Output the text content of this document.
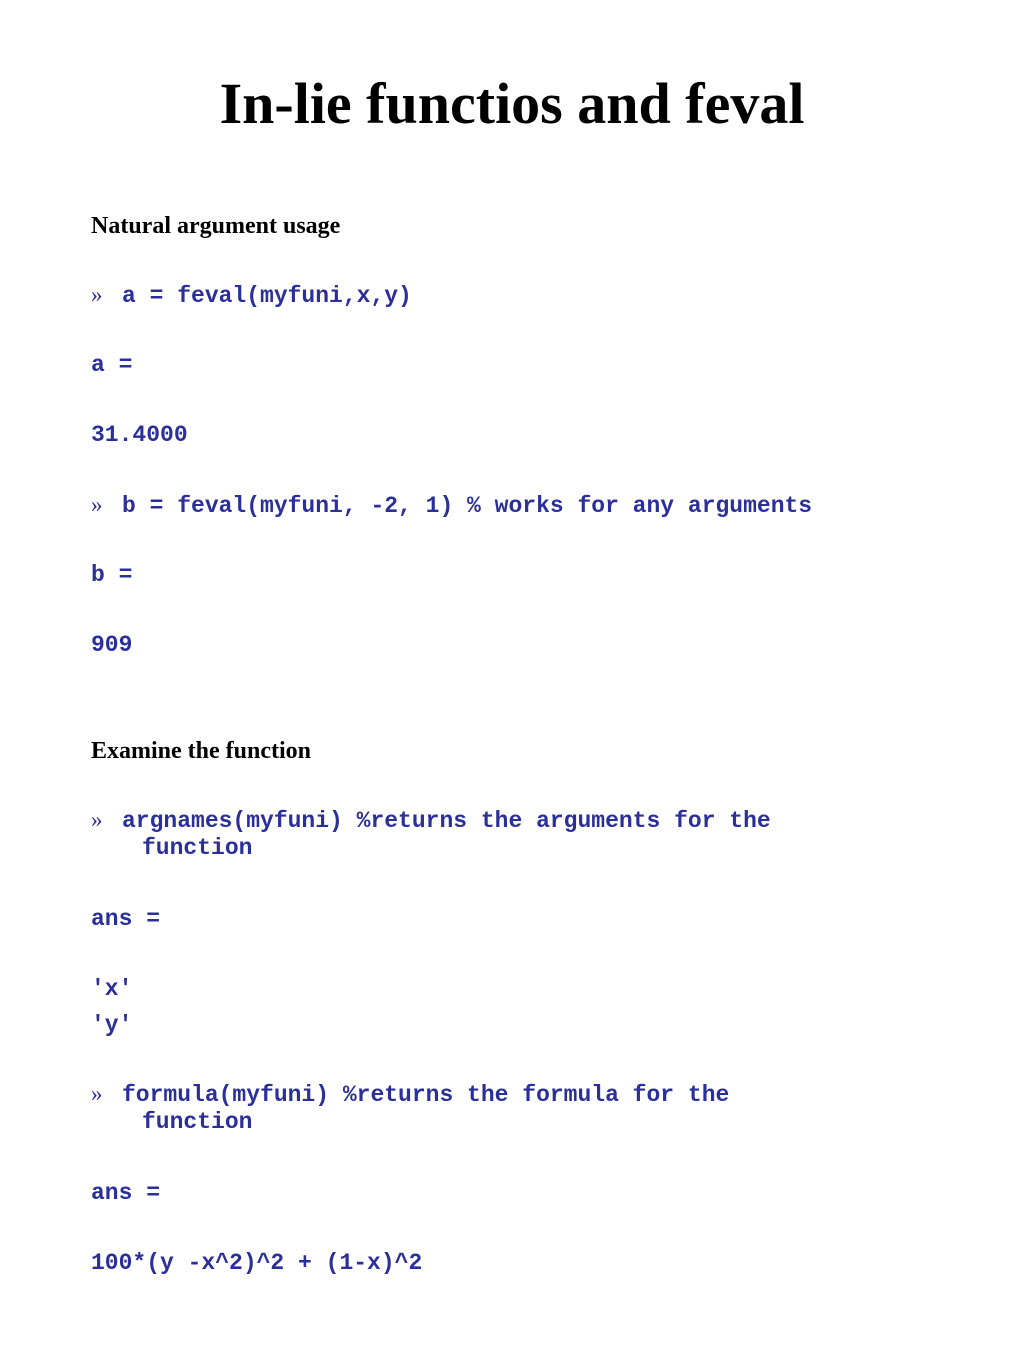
In-lie functios and feval
Natural argument usage
» a = feval(myfuni,x,y)
a =
31.4000
» b = feval(myfuni, -2, 1) % works for any arguments
b =
909
Examine the function
» argnames(myfuni) %returns the arguments for the
function
ans =
'x'
'y'
» formula(myfuni) %returns the formula for the
function
ans =
100*(y -x^2)^2 + (1-x)^2
